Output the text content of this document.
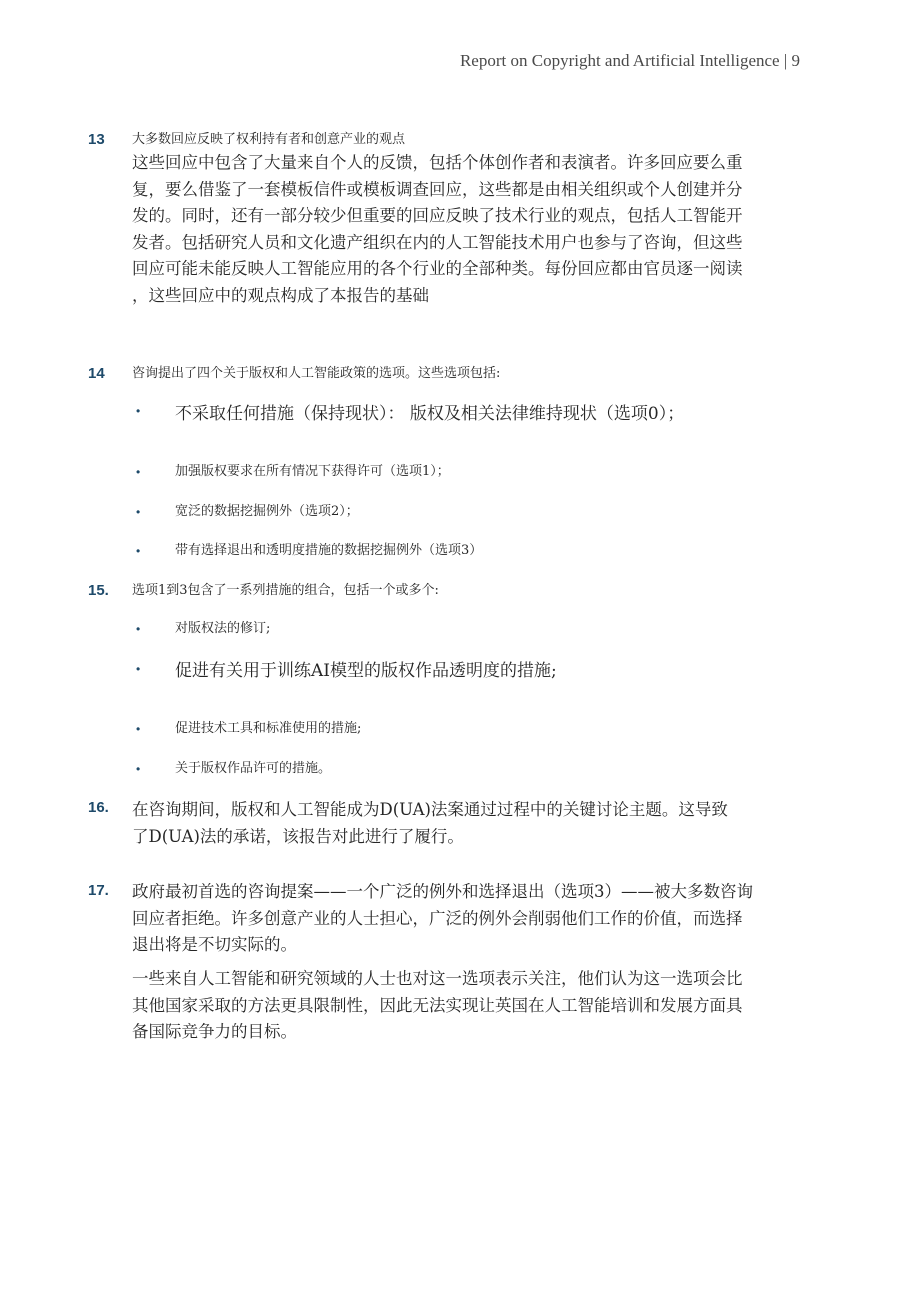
Report on Copyright and Artificial Intelligence | 9
13 大多数回应反映了权利持有者和创意产业的观点
这些回应中包含了大量来自个人的反馈，包括个体创作者和表演者。许多回应要么重
复，要么借鉴了一套模板信件或模板调查回应，这些都是由相关组织或个人创建并分
发的。同时，还有一部分较少但重要的回应反映了技术行业的观点，包括人工智能开
发者。包括研究人员和文化遗产组织在内的人工智能技术用户也参与了咨询，但这些
回应可能未能反映人工智能应用的各个行业的全部种类。每份回应都由官员逐一阅读
，这些回应中的观点构成了本报告的基础
14 咨询提出了四个关于版权和人工智能政策的选项。这些选项包括:
• 不采取任何措施（保持现状）： 版权及相关法律维持现状（选项0）；
•	加强版权要求在所有情况下获得许可（选项1）；
•	宽泛的数据挖掘例外（选项2）；
•	带有选择退出和透明度措施的数据挖掘例外（选项3）
15. 选项1到3包含了一系列措施的组合，包括一个或多个:
•	对版权法的修订;
• 促进有关用于训练AI模型的版权作品透明度的措施;
•	促进技术工具和标准使用的措施;
•	关于版权作品许可的措施。
16. 在咨询期间，版权和人工智能成为D(UA)法案通过过程中的关键讨论主题。这导致
了D(UA)法的承诺，该报告对此进行了履行。
17. 政府最初首选的咨询提案——一个广泛的例外和选择退出（选项3）——被大多数咨询
回应者拒绝。许多创意产业的人士担心，广泛的例外会削弱他们工作的价值，而选择
退出将是不切实际的。
一些来自人工智能和研究领域的人士也对这一选项表示关注，他们认为这一选项会比
其他国家采取的方法更具限制性，因此无法实现让英国在人工智能培训和发展方面具
备国际竞争力的目标。
